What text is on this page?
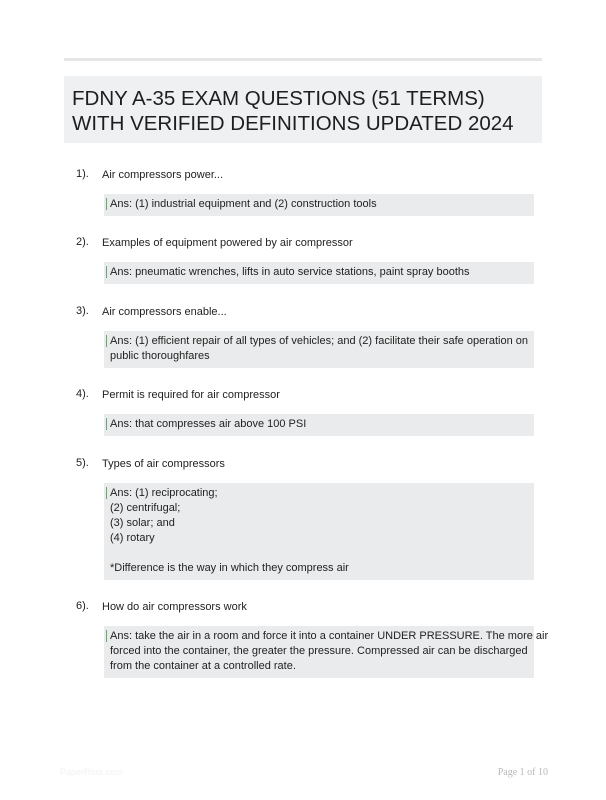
FDNY A-35 EXAM QUESTIONS (51 TERMS) WITH VERIFIED DEFINITIONS UPDATED 2024
1). Air compressors power...
Ans: (1) industrial equipment and (2) construction tools
2). Examples of equipment powered by air compressor
Ans: pneumatic wrenches, lifts in auto service stations, paint spray booths
3). Air compressors enable...
Ans: (1) efficient repair of all types of vehicles; and (2) facilitate their safe operation on
public thoroughfares
4). Permit is required for air compressor
Ans: that compresses air above 100 PSI
5). Types of air compressors
Ans: (1) reciprocating;
(2) centrifugal;
(3) solar; and
(4) rotary
*Difference is the way in which they compress air
6). How do air compressors work
Ans: take the air in a room and force it into a container UNDER PRESSURE. The more air
forced into the container, the greater the pressure. Compressed air can be discharged
from the container at a controlled rate.
PaperRoot.com	Page 1 of 10
